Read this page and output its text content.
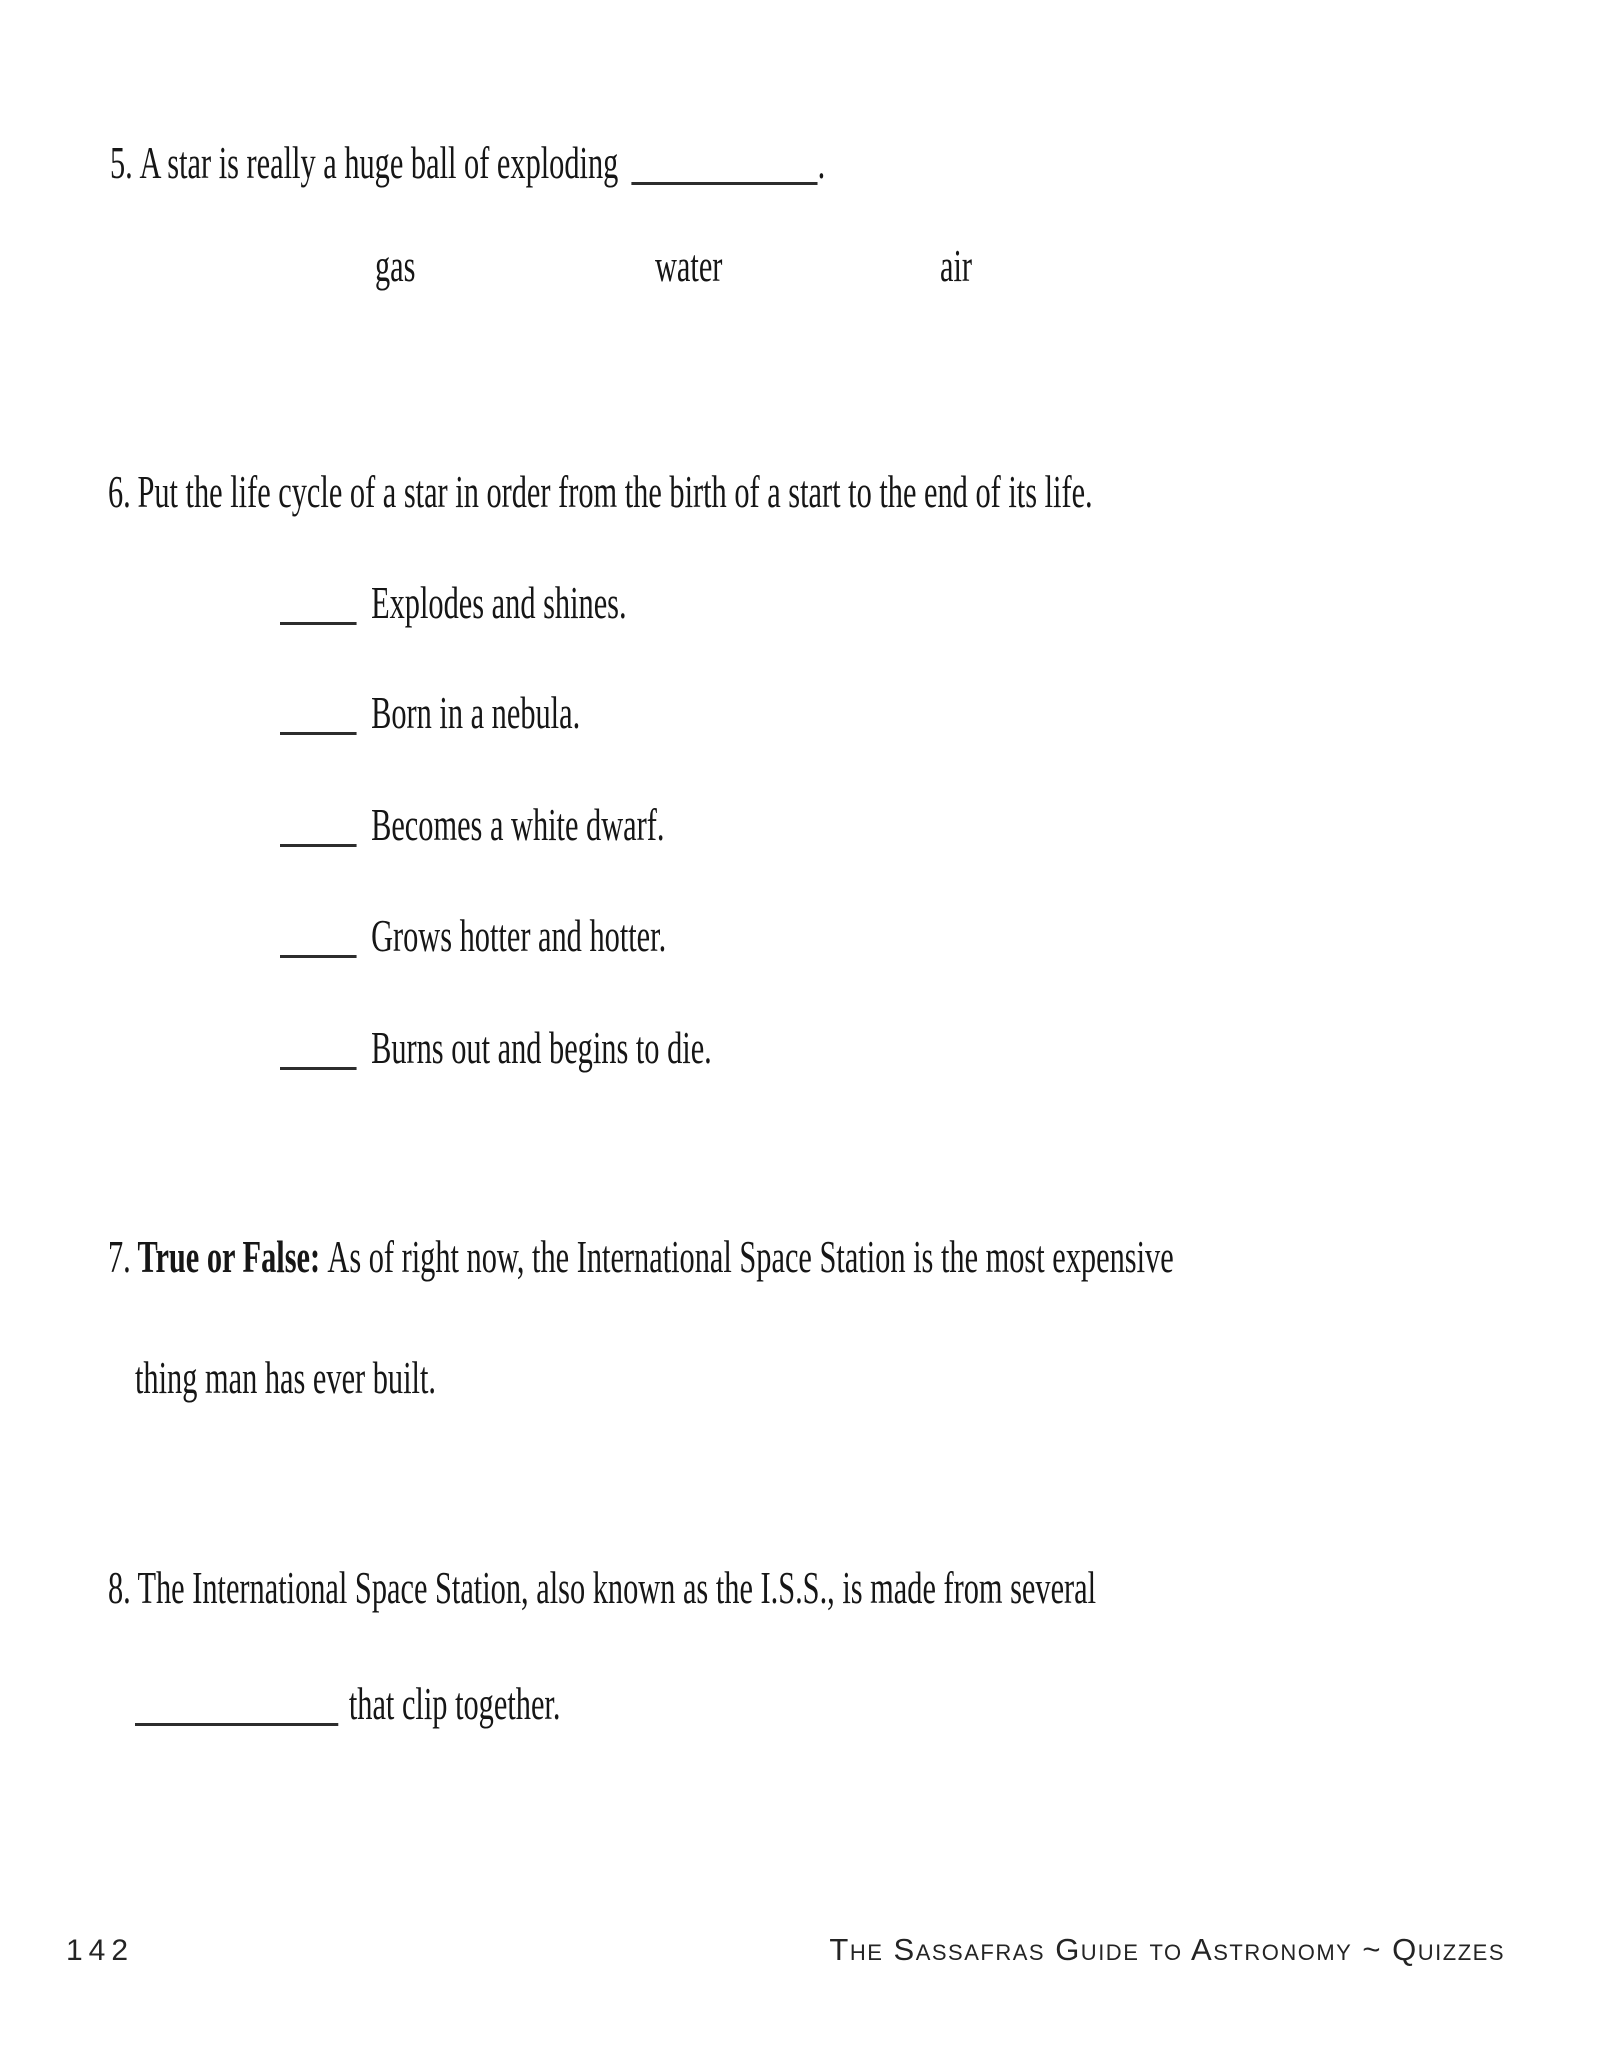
5. A star is really a huge ball of exploding	.
gas	water	air
6. Put the life cycle of a star in order from the birth of a start to the end of its life.
Explodes and shines.
Born in a nebula.
Becomes a white dwarf.
Grows hotter and hotter.
Burns out and begins to die.
7. True or False: As of right now, the International Space Station is the most expensive
thing man has ever built.
8. The International Space Station, also known as the I.S.S., is made from several
that clip together.
142	The Sassafras Guide to Astronomy ~ Quizzes
